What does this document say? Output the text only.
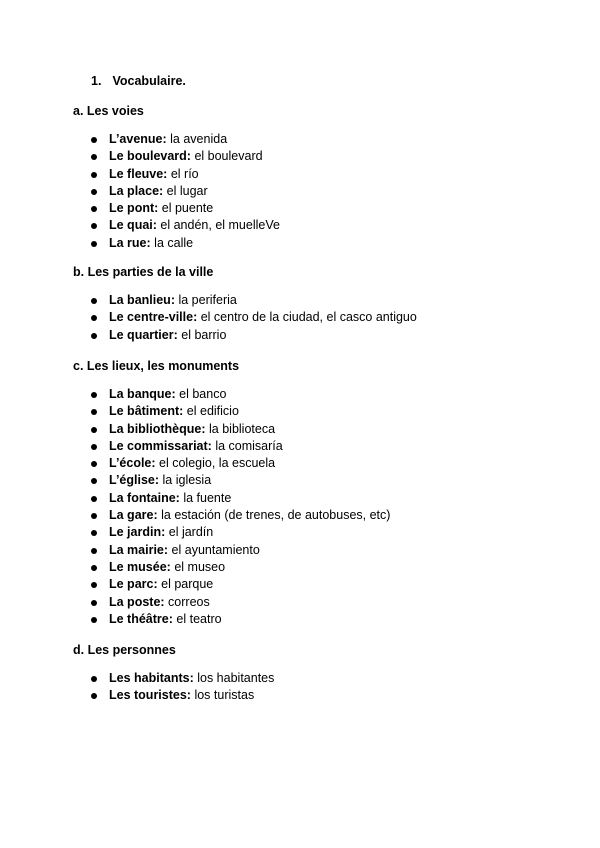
1. Vocabulaire.
a. Les voies
L’avenue: la avenida
Le boulevard: el boulevard
Le fleuve: el río
La place: el lugar
Le pont: el puente
Le quai: el andén, el muelleVe
La rue: la calle
b. Les parties de la ville
La banlieu: la periferia
Le centre-ville: el centro de la ciudad, el casco antiguo
Le quartier: el barrio
c. Les lieux, les monuments
La banque: el banco
Le bâtiment: el edificio
La bibliothèque: la biblioteca
Le commissariat: la comisaría
L’école: el colegio, la escuela
L’église: la iglesia
La fontaine: la fuente
La gare: la estación (de trenes, de autobuses, etc)
Le jardin: el jardín
La mairie: el ayuntamiento
Le musée: el museo
Le parc: el parque
La poste: correos
Le théâtre: el teatro
d. Les personnes
Les habitants: los habitantes
Les touristes: los turistas
